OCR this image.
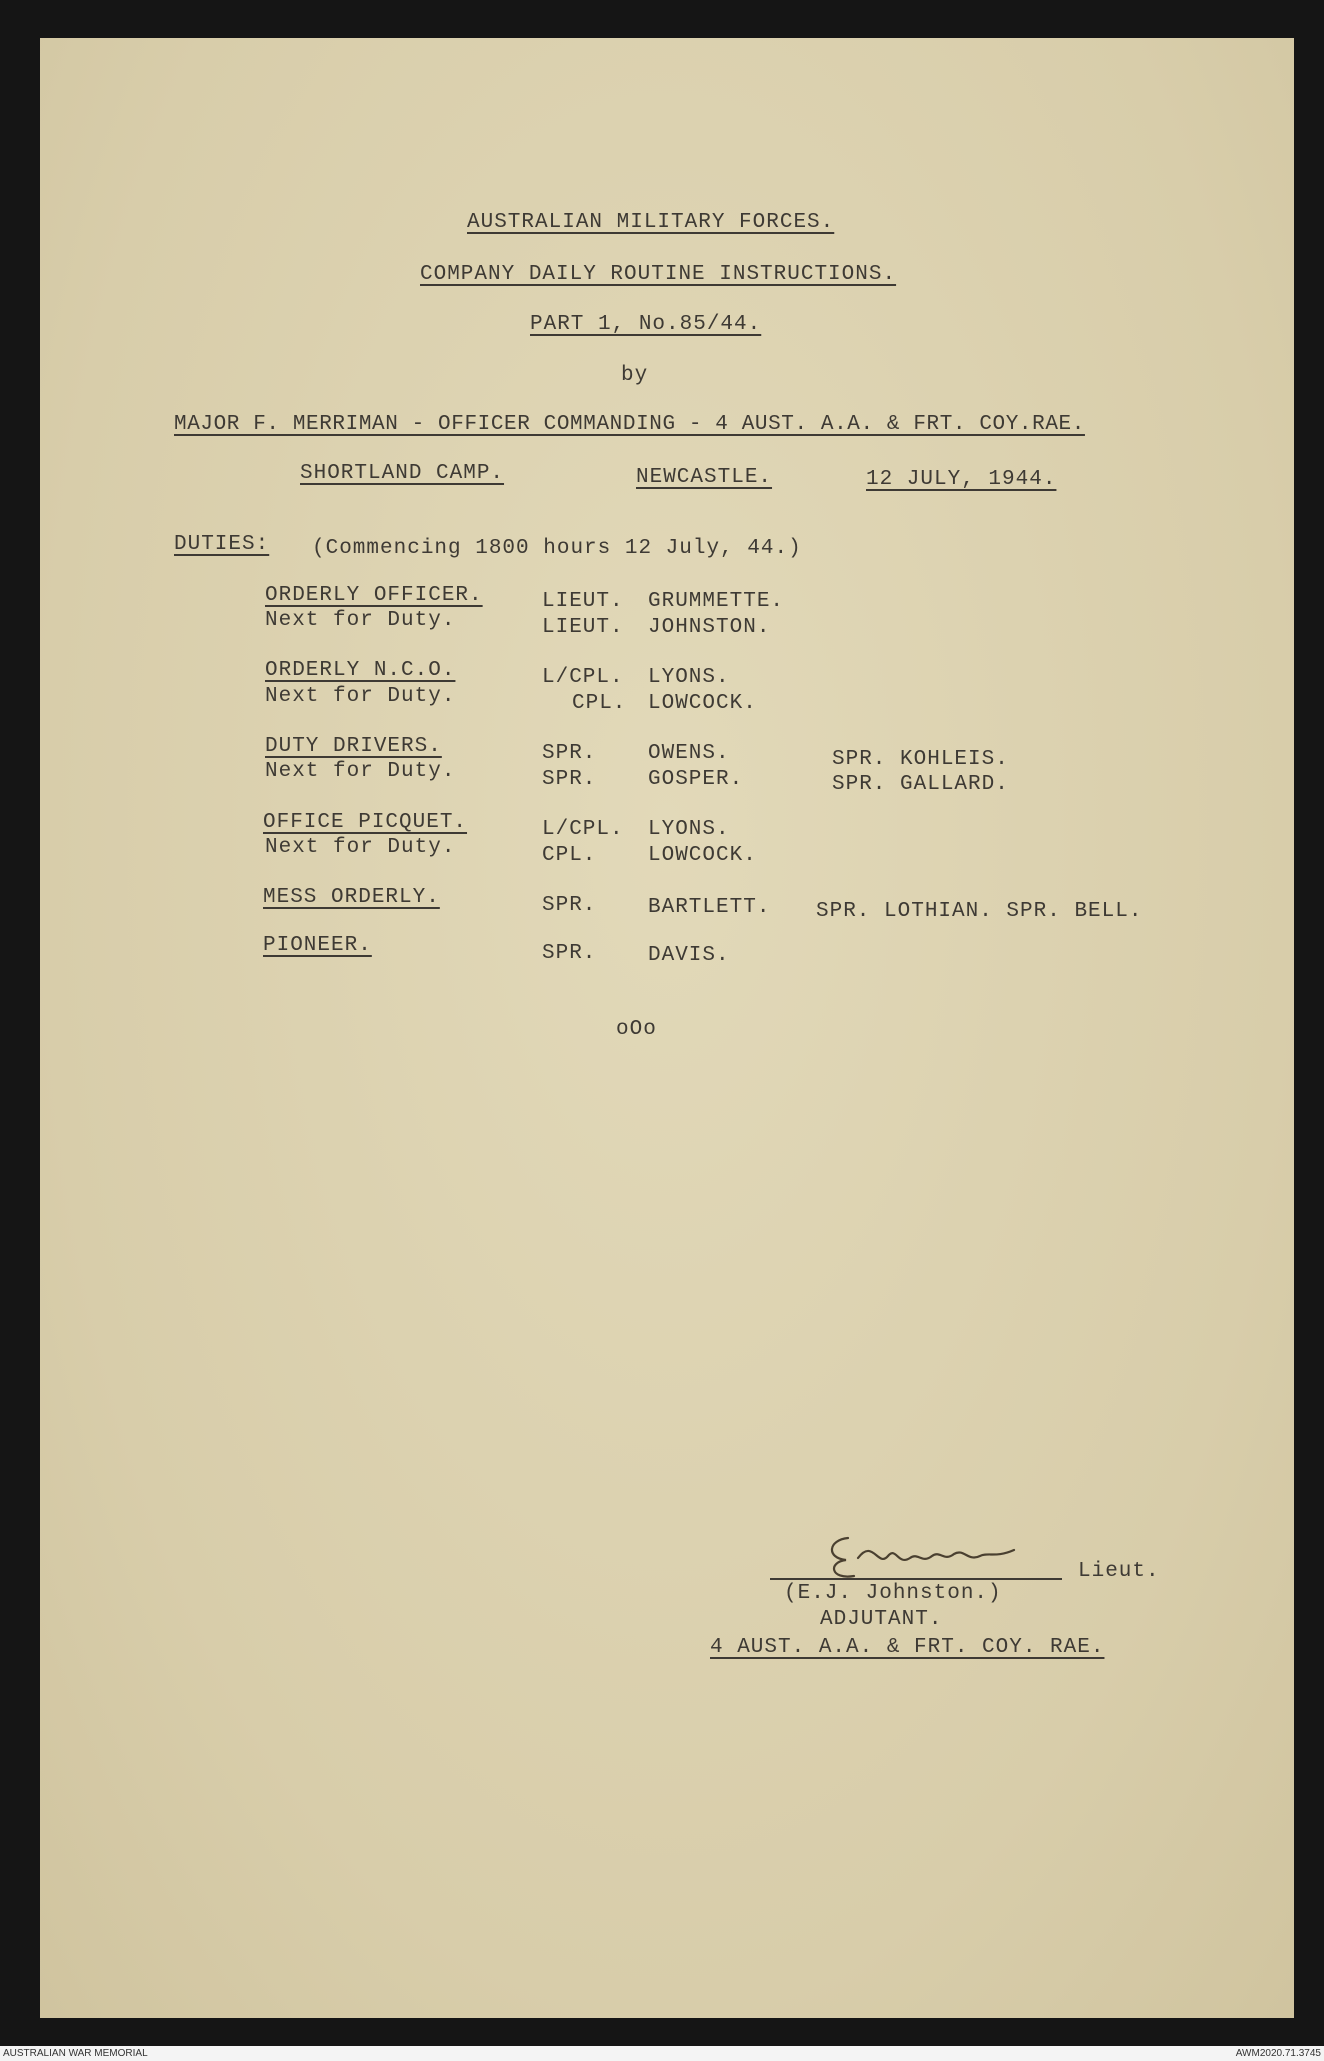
AUSTRALIAN MILITARY FORCES.
COMPANY DAILY ROUTINE INSTRUCTIONS.
PART 1, No.85/44.
by
MAJOR F. MERRIMAN - OFFICER COMMANDING - 4 AUST. A.A. & FRT. COY.RAE.
SHORTLAND CAMP.	NEWCASTLE.	12 JULY, 1944.
DUTIES: (Commencing 1800 hours 12 July, 44.)
ORDERLY OFFICER.	LIEUT. GRUMMETTE.
Next for Duty.	LIEUT. JOHNSTON.
ORDERLY N.C.O.	L/CPL. LYONS.
Next for Duty.	CPL. LOWCOCK.
DUTY DRIVERS.	SPR. OWENS.	SPR. KOHLEIS.
Next for Duty.	SPR. GOSPER.	SPR. GALLARD.
OFFICE PICQUET.	L/CPL. LYONS.
Next for Duty.	CPL. LOWCOCK.
MESS ORDERLY.	SPR. BARTLETT. SPR. LOTHIAN. SPR. BELL.
PIONEER.	SPR. DAVIS.
oOo
Lieut.
(E.J. Johnston.)
ADJUTANT.
4 AUST. A.A. & FRT. COY. RAE.
AUSTRALIAN WAR MEMORIAL	AWM2020.71.3745
